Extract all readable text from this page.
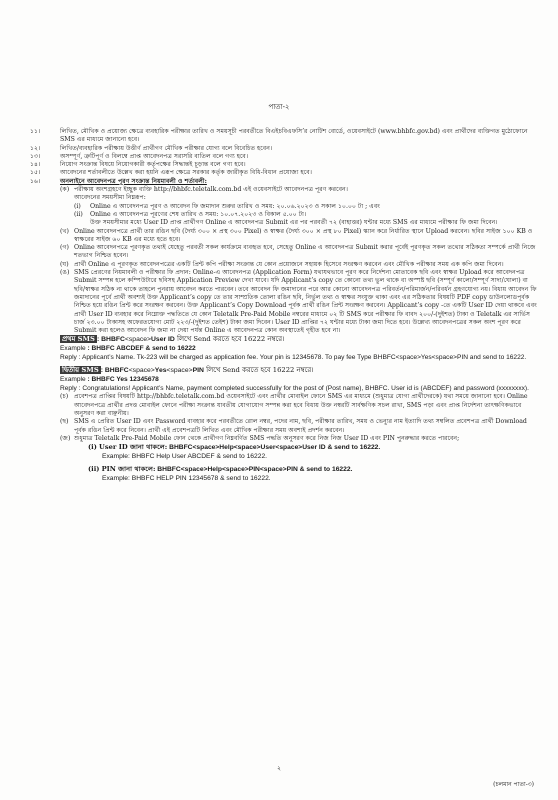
পাতা-২
১১।	লিখিত, মৌখিক ও প্রয়োজ্য ক্ষেত্রে ব্যবহারিক পরীক্ষার তারিখ ও সময়সূচী পরবর্তীতে বিএইচবিএফসি’র নোটিশ বোর্ডে, ওয়েবসাইটে (www.bhbfc.gov.bd) এবং প্রার্থীদের ব্যক্তিগত মুঠোফোনে SMS এর মাধ্যমে জানানো হবে।
১২।	লিখিত/ব্যবহারিক পরীক্ষায় উত্তীর্ণ প্রার্থীগণ মৌখিক পরীক্ষার যোগ্য বলে বিবেচিত হবেন।
১৩।	অসম্পূর্ণ, ত্রুটিপূর্ণ ও বিলম্বে প্রাপ্ত আবেদনপত্র সরাসরি বাতিল বলে গণ্য হবে।
১৪।	নিয়োগ সংক্রান্ত বিষয়ে নিয়োগকারী কর্তৃপক্ষের সিদ্ধান্তই চূড়ান্ত বলে গণ্য হবে।
১৫।	আবেদনের শর্তাবলীতে উল্লেখ করা হয়নি এরূপ ক্ষেত্রে সরকার কর্তৃক জারীকৃত বিধি-বিধান প্রযোজ্য হবে।
১৬।	অনলাইনে আবেদনপত্র পূরণ সংক্রান্ত নিয়মাবলী ও শর্তাবলী:
(ক) পরীক্ষায় অংশগ্রহণে ইচ্ছুক ব্যক্তি http://bhbfc.teletalk.com.bd এই ওয়েবসাইটে আবেদনপত্র পূরণ করবেন।
আবেদনের সময়সীমা নিম্নরূপ:
(i)	Online এ আবেদনপত্র পূরণ ও আবেদন ফি জমাদান শুরুর তারিখ ও সময়: ২০.০৬.২০২৩ ও সকাল ১০.০০ টা ; এবং
(ii)	Online এ আবেদনপত্র পূরণের শেষ তারিখ ও সময়: ১০.০৭.২০২৩ ও বিকাল ৫.০০ টা।
উক্ত সময়সীমার মধ্যে User ID প্রাপ্ত প্রার্থীগণ Online এ আবেদনপত্র Submit এর পর পরবর্তী ৭২ (বাহাত্তর) ঘন্টার মধ্যে SMS এর মাধ্যমে পরীক্ষার ফি জমা দিবেন।
(খ) Online আবেদনপত্রে প্রার্থী তার রঙিন ছবি (দৈর্ঘ্য ৩০০ × প্রস্থ ৩০০ Pixel) ও স্বাক্ষর (দৈর্ঘ্য ৩০০ × প্রস্থ ৮০ Pixel) স্ক্যান করে নির্ধারিত স্থানে Upload করবেন। ছবির সাইজ ১০০ KB ও স্বাক্ষরের সাইজ ৬০ KB এর মধ্যে হতে হবে।
(গ) Online আবেদনপত্রে পূরণকৃত তথ্যই যেহেতু পরবর্তী সকল কার্যক্রমে ব্যবহৃত হবে, সেহেতু Online এ আবেদনপত্র Submit করার পূর্বেই পূরণকৃত সকল তথ্যের সঠিকতা সম্পর্কে প্রার্থী নিজে শতভাগ নিশ্চিত হবেন।
(ঘ) প্রার্থী Online এ পূরণকৃত আবেদনপত্রের একটি প্রিন্ট কপি পরীক্ষা সংক্রান্ত যে কোন প্রয়োজনে সহায়ক হিসেবে সংরক্ষণ করবেন এবং মৌখিক পরীক্ষার সময় এক কপি জমা দিবেন।
(ঙ) SMS প্রেরণের নিয়মাবলী ও পরীক্ষার ফি প্রদান: Online-এ আবেদনপত্র (Application Form) যথাযথভাবে পূরণ করে নির্দেশনা মোতাবেক ছবি এবং স্বাক্ষর Upload করে আবেদনপত্র Submit সম্পন্ন হলে কম্পিউটারে ছবিসহ Application Preview দেখা যাবে। যদি Applicant’s copy তে কোনো তথ্য ভুল থাকে বা অস্পষ্ট ছবি (সম্পূর্ণ কালো/সম্পূর্ণ সাদা/ঘোলা) বা ছবি/স্বাক্ষর সঠিক না থাকে তাহলে পুনরায় আবেদন করতে পারবেন। তবে আবেদন ফি জমাদানের পরে আর কোনো আবেদনপত্র পরিবর্তন/পরিমার্জন/পরিবর্ধন গ্রহণযোগ্য নয়। বিধায় আবেদন ফি জমাদানের পূর্বে প্রার্থী অবশ্যই উক্ত Applicant’s copy তে তার সাম্প্রতিক তোলা রঙিন ছবি, নির্ভুল তথ্য ও স্বাক্ষর সংযুক্ত থাকা এবং এর সঠিকতার বিষয়টি PDF copy ডাউনলোডপূর্বক নিশ্চিত হয়ে রঙিন প্রিন্ট করে সংরক্ষণ করবেন। উক্ত Applicant’s Copy Download পূর্বক প্রার্থী রঙিন প্রিন্ট সংরক্ষণ করবেন। Applicant’s copy -তে একটি User ID দেয়া থাকবে এবং প্রার্থী User ID ব্যবহার করে নিম্নোক্ত পদ্ধতিতে যে কোন Teletalk Pre-Paid Mobile নম্বরের মাধ্যমে ০২ টি SMS করে পরীক্ষার ফি বাবদ ২০০/-(দুইশত) টাকা ও Teletalk এর সার্ভিস চার্জ ২৩.০০ টাকাসহ অফেরতযোগ্য মোট ২২৩/-(দুইশত তেইশ) টাকা জমা দিবেন। User ID প্রাপ্তির ৭২ ঘন্টার মধ্যে টাকা জমা দিতে হবে। উল্লেখ্য আবেদনপত্রের সকল অংশ পূরণ করে Submit করা হলেও আবেদন ফি জমা না দেয়া পর্যন্ত Online এ আবেদনপত্র কোন অবস্থাতেই গৃহীত হবে না।
প্রথম SMS : BHBFC<space>User ID লিখে Send করতে হবে 16222 নম্বরে।
Example : BHBFC ABCDEF & send to 16222
Reply : Applicant’s Name. Tk-223 will be charged as application fee. Your pin is 12345678. To pay fee Type BHBFC<space>Yes<space>PIN and send to 16222.
দ্বিতীয় SMS : BHBFC<space>Yes<space>PIN লিখে Send করতে হবে 16222 নম্বরে।
Example : BHBFC Yes 12345678
Reply : Congratulations! Applicant’s Name, payment completed successfully for the post of (Post name), BHBFC. User id is (ABCDEF) and password (xxxxxxxx).
(চ) প্রবেশপত্র প্রাপ্তির বিষয়টি http://bhbfc.teletalk.com.bd ওয়েবসাইটে এবং প্রার্থীর মোবাইল ফোনে SMS এর মাধ্যমে (শুধুমাত্র যোগ্য প্রার্থীদেরকে) যথা সময়ে জানানো হবে। Online আবেদনপত্রে প্রার্থীর প্রদত্ত মোবাইল ফোনে পরীক্ষা সংক্রান্ত যাবতীয় যোগাযোগ সম্পন্ন করা হবে বিধায় উক্ত নম্বরটি সার্বক্ষণিক সচল রাখা, SMS পড়া এবং প্রাপ্ত নির্দেশনা তাৎক্ষণিকভাবে অনুসরণ করা বাঞ্ছনীয়।
(ছ) SMS এ প্রেরিত User ID এবং Password ব্যবহার করে পরবর্তীতে রোল নম্বর, পদের নাম, ছবি, পরীক্ষার তারিখ, সময় ও ভেন্যুর নাম ইত্যাদি তথ্য সম্বলিত প্রবেশপত্র প্রার্থী Download পূর্বক রঙিন প্রিন্ট করে নিবেন। প্রার্থী এই প্রবেশপত্রটি লিখিত এবং মৌখিক পরীক্ষার সময় অবশ্যই প্রদর্শন করবেন।
(জ) শুধুমাত্র Teletalk Pre-Paid Mobile ফোন থেকে প্রার্থীগণ নিম্নবর্ণিত SMS পদ্ধতি অনুসরণ করে নিজ নিজ User ID এবং PIN পুনরুদ্ধার করতে পারবেন;
(i) User ID জানা থাকলে: BHBFC<space>Help<space>User<space>User ID & send to 16222.
Example: BHBFC Help User ABCDEF & send to 16222.
(ii) PIN জানা থাকলে: BHBFC<space>Help<space>PIN<space>PIN & send to 16222.
Example: BHBFC HELP PIN 12345678 & send to 16222.
২
(চলমান পাতা-৩)
